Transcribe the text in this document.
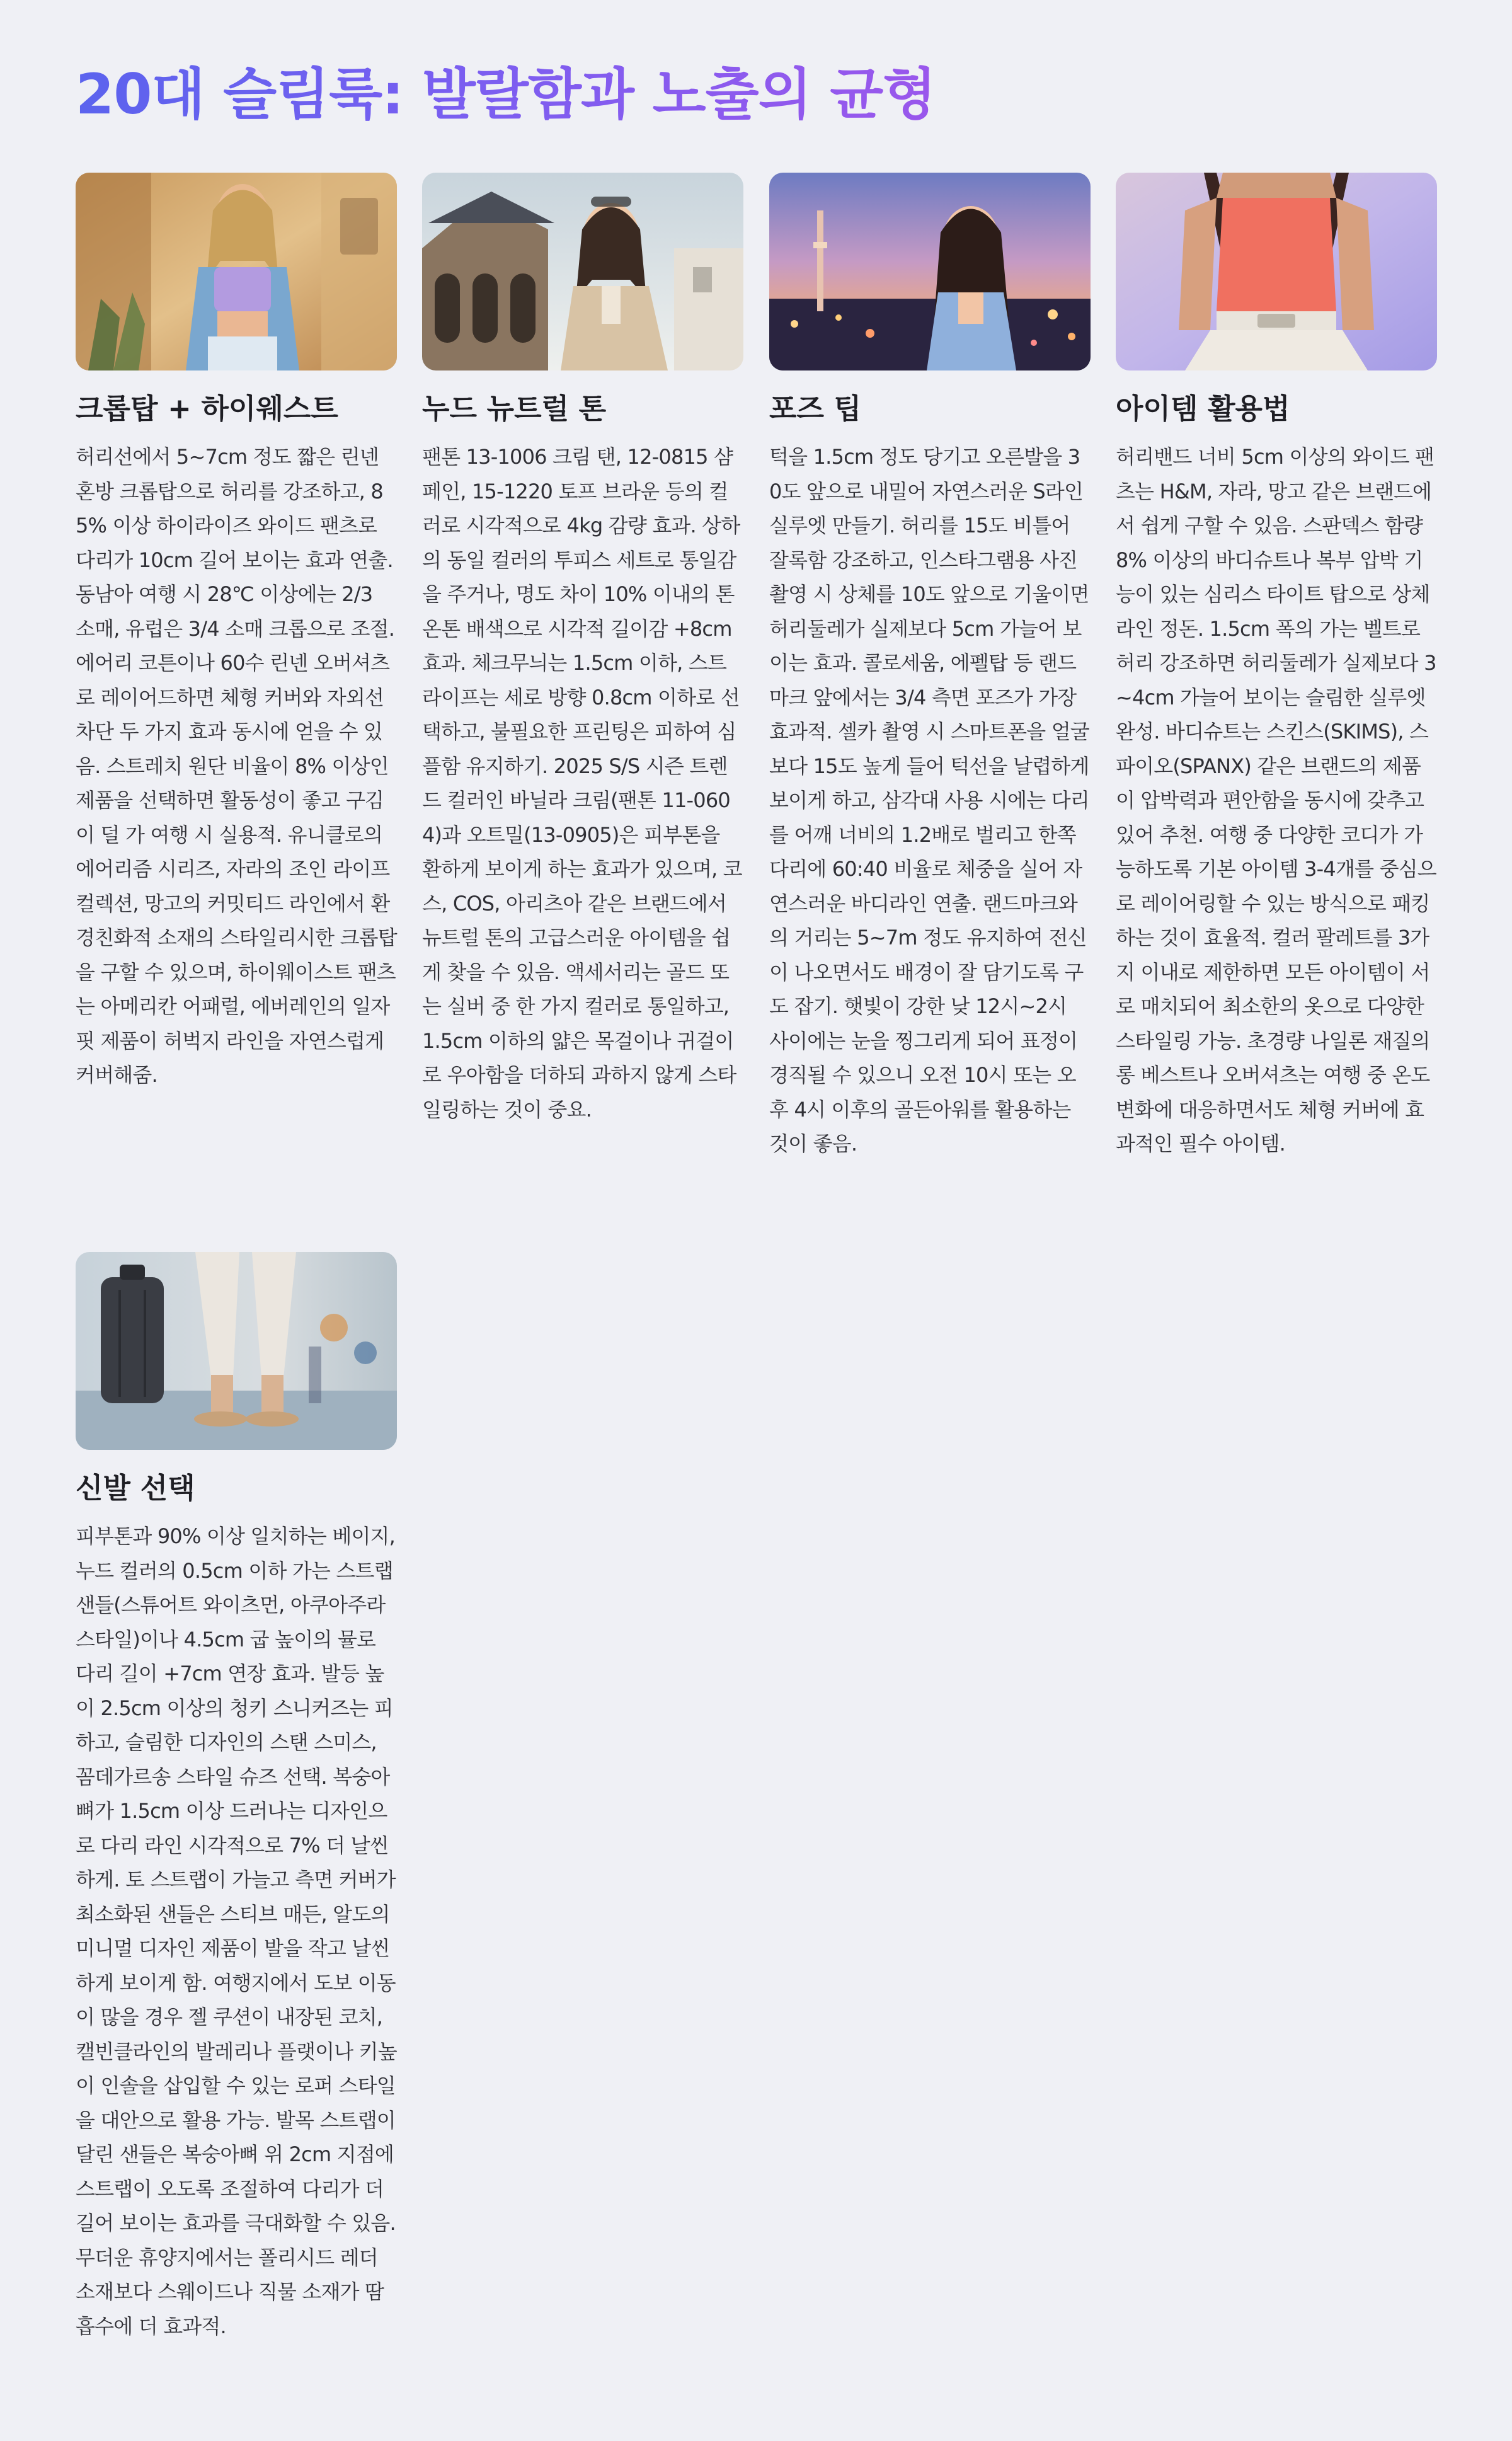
20대 슬림룩: 발랄함과 노출의 균형
크롭탑 + 하이웨스트

허리선에서 5~7cm 정도 짧은 린넨 혼방 크롭탑으로 허리를 강조하고, 85% 이상 하이라이즈 와이드 팬츠로 다리가 10cm 길어 보이는 효과 연출. 동남아 여행 시 28℃ 이상에는 2/3 소매, 유럽은 3/4 소매 크롭으로 조절. 에어리 코튼이나 60수 린넨 오버셔츠로 레이어드하면 체형 커버와 자외선 차단 두 가지 효과 동시에 얻을 수 있음. 스트레치 원단 비율이 8% 이상인 제품을 선택하면 활동성이 좋고 구김이 덜 가 여행 시 실용적. 유니클로의 에어리즘 시리즈, 자라의 조인 라이프 컬렉션, 망고의 커밋티드 라인에서 환경친화적 소재의 스타일리시한 크롭탑을 구할 수 있으며, 하이웨이스트 팬츠는 아메리칸 어패럴, 에버레인의 일자핏 제품이 허벅지 라인을 자연스럽게 커버해줌.

누드 뉴트럴 톤

팬톤 13-1006 크림 탠, 12-0815 샴페인, 15-1220 토프 브라운 등의 컬러로 시각적으로 4kg 감량 효과. 상하의 동일 컬러의 투피스 세트로 통일감을 주거나, 명도 차이 10% 이내의 톤온톤 배색으로 시각적 길이감 +8cm 효과. 체크무늬는 1.5cm 이하, 스트라이프는 세로 방향 0.8cm 이하로 선택하고, 불필요한 프린팅은 피하여 심플함 유지하기. 2025 S/S 시즌 트렌드 컬러인 바닐라 크림(팬톤 11-0604)과 오트밀(13-0905)은 피부톤을 환하게 보이게 하는 효과가 있으며, 코스, COS, 아리츠아 같은 브랜드에서 뉴트럴 톤의 고급스러운 아이템을 쉽게 찾을 수 있음. 액세서리는 골드 또는 실버 중 한 가지 컬러로 통일하고, 1.5cm 이하의 얇은 목걸이나 귀걸이로 우아함을 더하되 과하지 않게 스타일링하는 것이 중요.

포즈 팁

턱을 1.5cm 정도 당기고 오른발을 30도 앞으로 내밀어 자연스러운 S라인 실루엣 만들기. 허리를 15도 비틀어 잘록함 강조하고, 인스타그램용 사진 촬영 시 상체를 10도 앞으로 기울이면 허리둘레가 실제보다 5cm 가늘어 보이는 효과. 콜로세움, 에펠탑 등 랜드마크 앞에서는 3/4 측면 포즈가 가장 효과적. 셀카 촬영 시 스마트폰을 얼굴보다 15도 높게 들어 턱선을 날렵하게 보이게 하고, 삼각대 사용 시에는 다리를 어깨 너비의 1.2배로 벌리고 한쪽 다리에 60:40 비율로 체중을 실어 자연스러운 바디라인 연출. 랜드마크와의 거리는 5~7m 정도 유지하여 전신이 나오면서도 배경이 잘 담기도록 구도 잡기. 햇빛이 강한 낮 12시~2시 사이에는 눈을 찡그리게 되어 표정이 경직될 수 있으니 오전 10시 또는 오후 4시 이후의 골든아워를 활용하는 것이 좋음.

아이템 활용법

허리밴드 너비 5cm 이상의 와이드 팬츠는 H&M, 자라, 망고 같은 브랜드에서 쉽게 구할 수 있음. 스판덱스 함량 8% 이상의 바디슈트나 복부 압박 기능이 있는 심리스 타이트 탑으로 상체 라인 정돈. 1.5cm 폭의 가는 벨트로 허리 강조하면 허리둘레가 실제보다 3~4cm 가늘어 보이는 슬림한 실루엣 완성. 바디슈트는 스킨스(SKIMS), 스파이오(SPANX) 같은 브랜드의 제품이 압박력과 편안함을 동시에 갖추고 있어 추천. 여행 중 다양한 코디가 가능하도록 기본 아이템 3-4개를 중심으로 레이어링할 수 있는 방식으로 패킹하는 것이 효율적. 컬러 팔레트를 3가지 이내로 제한하면 모든 아이템이 서로 매치되어 최소한의 옷으로 다양한 스타일링 가능. 초경량 나일론 재질의 롱 베스트나 오버셔츠는 여행 중 온도 변화에 대응하면서도 체형 커버에 효과적인 필수 아이템.

신발 선택

피부톤과 90% 이상 일치하는 베이지, 누드 컬러의 0.5cm 이하 가는 스트랩 샌들(스튜어트 와이츠먼, 아쿠아주라 스타일)이나 4.5cm 굽 높이의 뮬로 다리 길이 +7cm 연장 효과. 발등 높이 2.5cm 이상의 청키 스니커즈는 피하고, 슬림한 디자인의 스탠 스미스, 꼼데가르송 스타일 슈즈 선택. 복숭아뼈가 1.5cm 이상 드러나는 디자인으로 다리 라인 시각적으로 7% 더 날씬하게. 토 스트랩이 가늘고 측면 커버가 최소화된 샌들은 스티브 매든, 알도의 미니멀 디자인 제품이 발을 작고 날씬하게 보이게 함. 여행지에서 도보 이동이 많을 경우 젤 쿠션이 내장된 코치, 캘빈클라인의 발레리나 플랫이나 키높이 인솔을 삽입할 수 있는 로퍼 스타일을 대안으로 활용 가능. 발목 스트랩이 달린 샌들은 복숭아뼈 위 2cm 지점에 스트랩이 오도록 조절하여 다리가 더 길어 보이는 효과를 극대화할 수 있음. 무더운 휴양지에서는 폴리시드 레더 소재보다 스웨이드나 직물 소재가 땀 흡수에 더 효과적.
